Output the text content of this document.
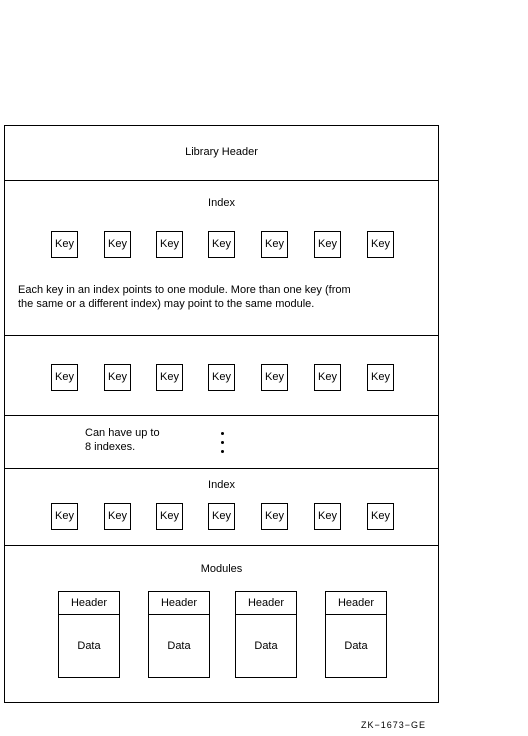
Library Header
Index
Key	Key	Key	Key	Key	Key	Key
Each key in an index points to one module. More than one key (from
the same or a different index) may point to the same module.
Key	Key	Key	Key	Key	Key	Key
Can have up to
8 indexes.
Index
Key	Key	Key	Key	Key	Key	Key
Modules
Header
Data
Header
Data
Header
Data
Header
Data
ZK−1673−GE
